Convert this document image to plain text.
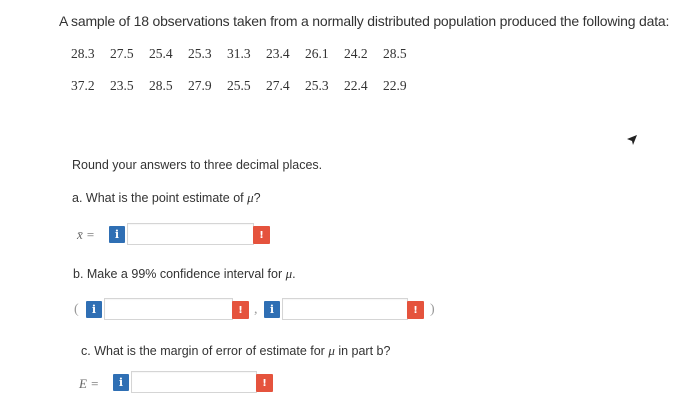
A sample of 18 observations taken from a normally distributed population produced the following data:
28.3	27.5	25.4	25.3	31.3	23.4	26.1	24.2	28.5
37.2	23.5	28.5	27.9	25.5	27.4	25.3	22.4	22.9
Round your answers to three decimal places.
a. What is the point estimate of μ?
x̄ =	i	!
b. Make a 99% confidence interval for μ.
(	i	! ,	i	! )
c. What is the margin of error of estimate for μ in part b?
E =	i	!
